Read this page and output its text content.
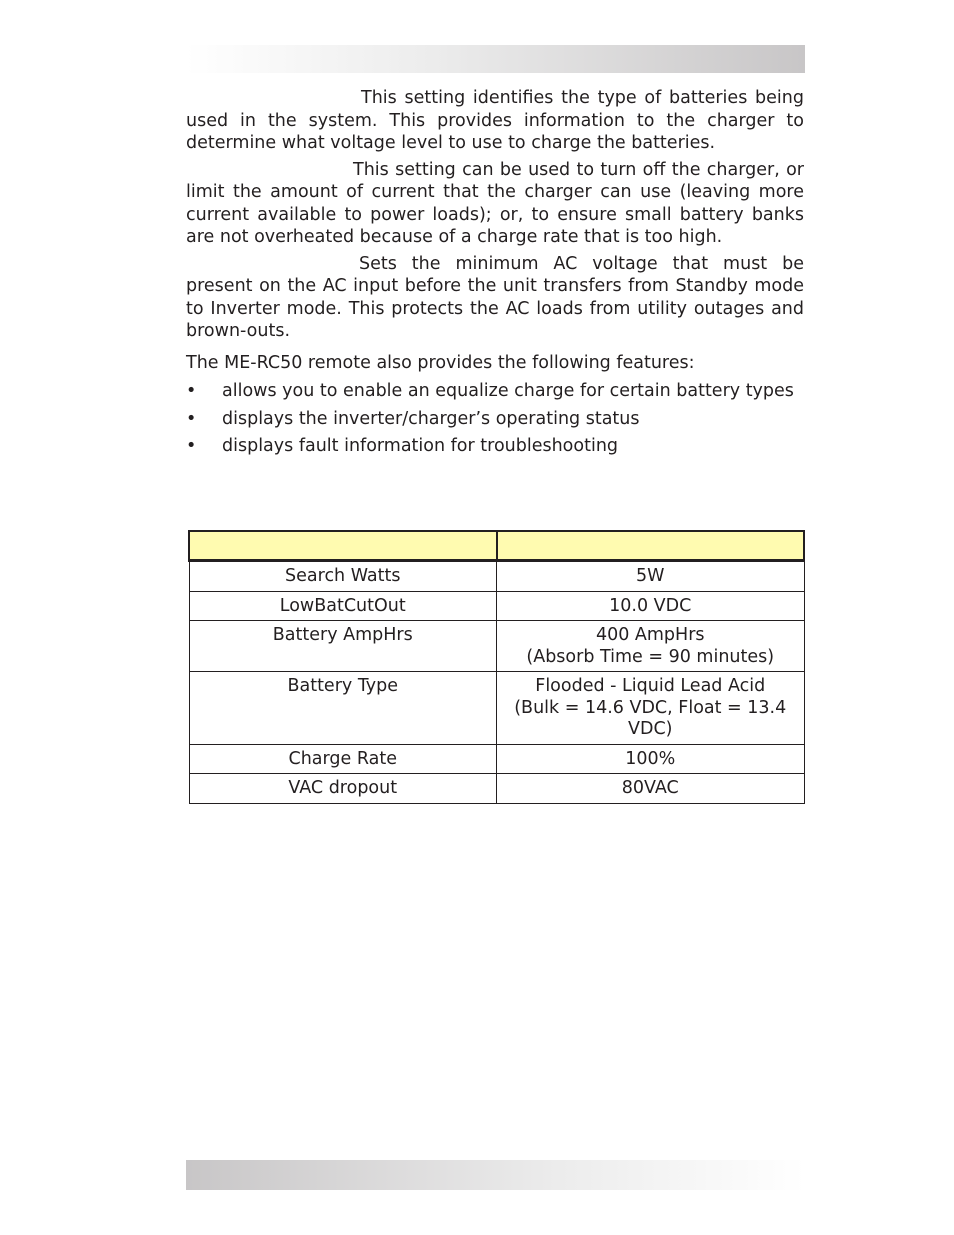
This setting identifies the type of batteries being used in the system. This provides information to the charger to determine what voltage level to use to charge the batteries.

This setting can be used to turn off the charger, or limit the amount of current that the charger can use (leaving more current available to power loads); or, to ensure small battery banks are not overheated because of a charge rate that is too high.

Sets the minimum AC voltage that must be present on the AC input before the unit transfers from Standby mode to Inverter mode. This protects the AC loads from utility outages and brown-outs.

The ME-RC50 remote also provides the following features:

• allows you to enable an equalize charge for certain battery types
• displays the inverter/charger’s operating status
• displays fault information for troubleshooting

Search Watts	5W
LowBatCutOut	10.0 VDC
Battery AmpHrs	400 AmpHrs
(Absorb Time = 90 minutes)
Battery Type	Flooded - Liquid Lead Acid
(Bulk = 14.6 VDC, Float = 13.4 VDC)
Charge Rate	100%
VAC dropout	80VAC
